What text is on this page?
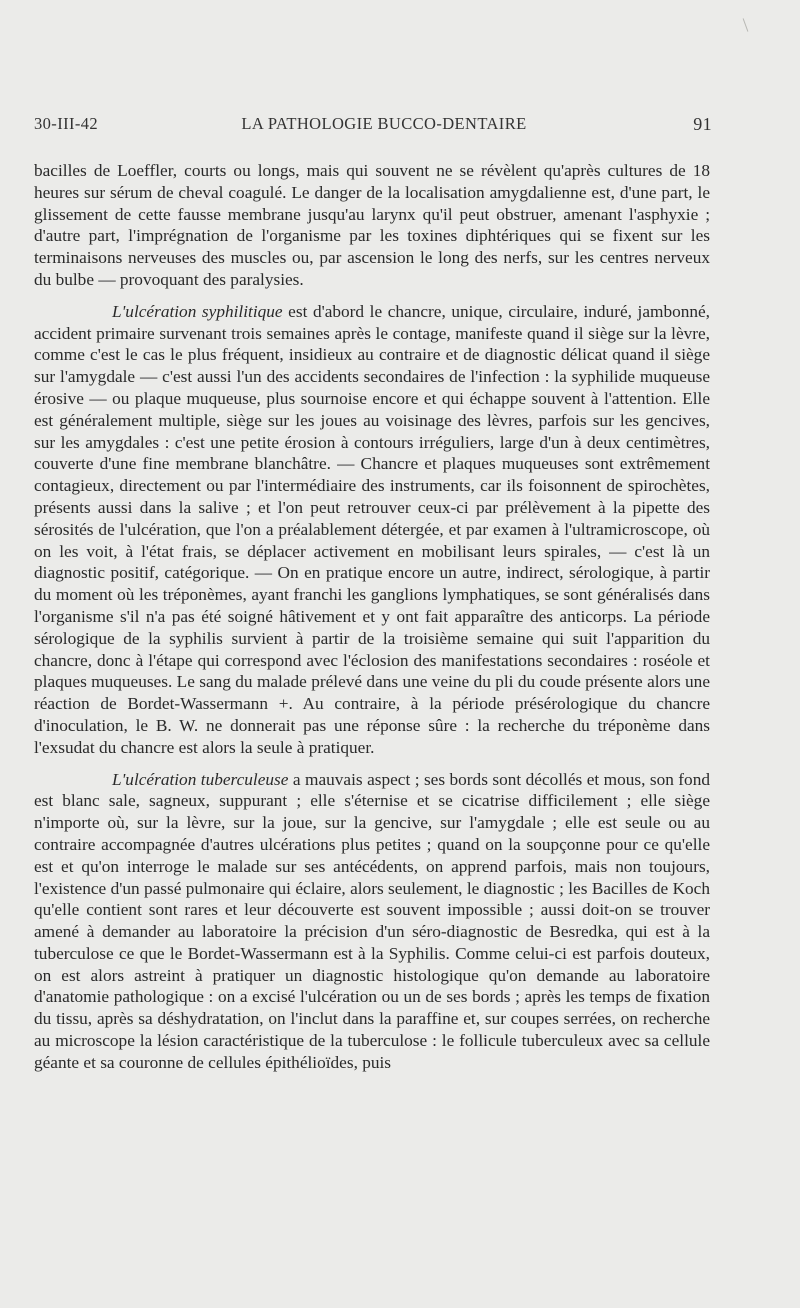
30-III-42	LA PATHOLOGIE BUCCO-DENTAIRE	91

bacilles de Loeffler, courts ou longs, mais qui souvent ne se révèlent qu'après cultures de 18 heures sur sérum de cheval coagulé. Le danger de la localisation amygdalienne est, d'une part, le glissement de cette fausse membrane jusqu'au larynx qu'il peut obstruer, amenant l'asphyxie ; d'autre part, l'imprégnation de l'organisme par les toxines diphtériques qui se fixent sur les terminaisons nerveuses des muscles ou, par ascension le long des nerfs, sur les centres nerveux du bulbe — provoquant des paralysies.

L'ulcération syphilitique est d'abord le chancre, unique, circulaire, induré, jambonné, accident primaire survenant trois semaines après le contage, manifeste quand il siège sur la lèvre, comme c'est le cas le plus fréquent, insidieux au contraire et de diagnostic délicat quand il siège sur l'amygdale — c'est aussi l'un des accidents secondaires de l'infection : la syphilide muqueuse érosive — ou plaque muqueuse, plus sournoise encore et qui échappe souvent à l'attention. Elle est généralement multiple, siège sur les joues au voisinage des lèvres, parfois sur les gencives, sur les amygdales : c'est une petite érosion à contours irréguliers, large d'un à deux centimètres, couverte d'une fine membrane blanchâtre. — Chancre et plaques muqueuses sont extrêmement contagieux, directement ou par l'intermédiaire des instruments, car ils foisonnent de spirochètes, présents aussi dans la salive ; et l'on peut retrouver ceux-ci par prélèvement à la pipette des sérosités de l'ulcération, que l'on a préalablement détergée, et par examen à l'ultramicroscope, où on les voit, à l'état frais, se déplacer activement en mobilisant leurs spirales, — c'est là un diagnostic positif, catégorique. — On en pratique encore un autre, indirect, sérologique, à partir du moment où les tréponèmes, ayant franchi les ganglions lymphatiques, se sont généralisés dans l'organisme s'il n'a pas été soigné hâtivement et y ont fait apparaître des anticorps. La période sérologique de la syphilis survient à partir de la troisième semaine qui suit l'apparition du chancre, donc à l'étape qui correspond avec l'éclosion des manifestations secondaires : roséole et plaques muqueuses. Le sang du malade prélevé dans une veine du pli du coude présente alors une réaction de Bordet-Wassermann +. Au contraire, à la période présérologique du chancre d'inoculation, le B. W. ne donnerait pas une réponse sûre : la recherche du tréponème dans l'exsudat du chancre est alors la seule à pratiquer.

L'ulcération tuberculeuse a mauvais aspect ; ses bords sont décollés et mous, son fond est blanc sale, sagneux, suppurant ; elle s'éternise et se cicatrise difficilement ; elle siège n'importe où, sur la lèvre, sur la joue, sur la gencive, sur l'amygdale ; elle est seule ou au contraire accompagnée d'autres ulcérations plus petites ; quand on la soupçonne pour ce qu'elle est et qu'on interroge le malade sur ses antécédents, on apprend parfois, mais non toujours, l'existence d'un passé pulmonaire qui éclaire, alors seulement, le diagnostic ; les Bacilles de Koch qu'elle contient sont rares et leur découverte est souvent impossible ; aussi doit-on se trouver amené à demander au laboratoire la précision d'un séro-diagnostic de Besredka, qui est à la tuberculose ce que le Bordet-Wassermann est à la Syphilis. Comme celui-ci est parfois douteux, on est alors astreint à pratiquer un diagnostic histologique qu'on demande au laboratoire d'anatomie pathologique : on a excisé l'ulcération ou un de ses bords ; après les temps de fixation du tissu, après sa déshydratation, on l'inclut dans la paraffine et, sur coupes serrées, on recherche au microscope la lésion caractéristique de la tuberculose : le follicule tuberculeux avec sa cellule géante et sa couronne de cellules épithélioïdes, puis
